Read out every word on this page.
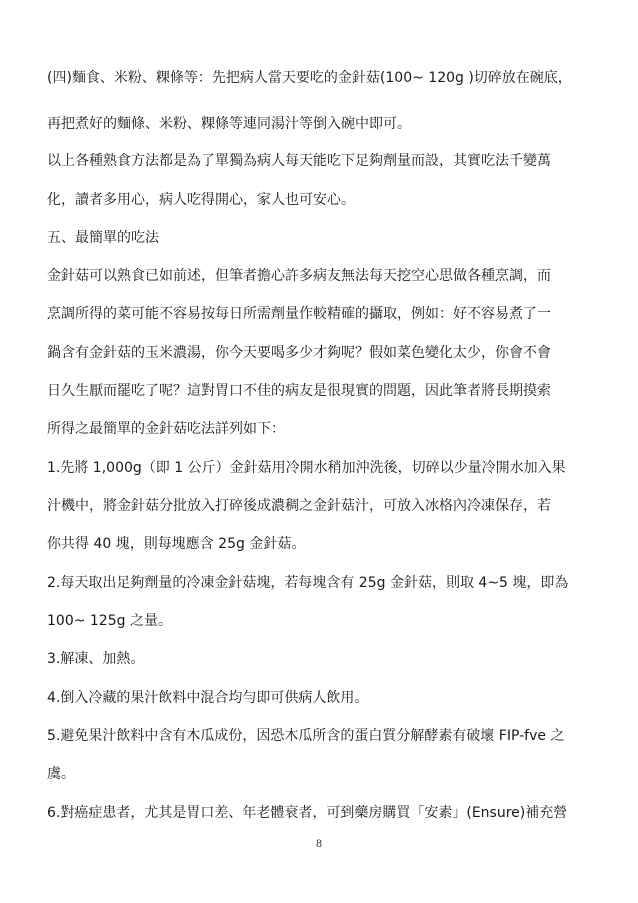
(四)麵食、米粉、粿條等：先把病人當天要吃的金針菇(100~ 120g )切碎放在碗底，
再把煮好的麵條、米粉、粿條等連同湯汁等倒入碗中即可。
以上各種熟食方法都是為了單獨為病人每天能吃下足夠劑量而設，其實吃法千變萬
化，讀者多用心，病人吃得開心，家人也可安心。
五、最簡單的吃法
金針菇可以熟食已如前述，但筆者擔心許多病友無法每天挖空心思做各種烹調，而
烹調所得的菜可能不容易按每日所需劑量作較精確的攝取，例如：好不容易煮了一
鍋含有金針菇的玉米濃湯，你今天要喝多少才夠呢？假如菜色變化太少，你會不會
日久生厭而罷吃了呢？這對胃口不佳的病友是很現實的問題，因此筆者將長期摸索
所得之最簡單的金針菇吃法詳列如下：
1.先將 1,000g（即 1 公斤）金針菇用冷開水稍加沖洗後，切碎以少量冷開水加入果
汁機中，將金針菇分批放入打碎後成濃稠之金針菇汁，可放入冰格內冷凍保存，若
你共得 40 塊，則每塊應含 25g 金針菇。
2.每天取出足夠劑量的冷凍金針菇塊，若每塊含有 25g 金針菇，則取 4~5 塊，即為
100~ 125g 之量。
3.解凍、加熱。
4.倒入冷藏的果汁飲料中混合均勻即可供病人飲用。
5.避免果汁飲料中含有木瓜成份，因恐木瓜所含的蛋白質分解酵素有破壞 FIP-fve 之
虞。
6.對癌症患者，尤其是胃口差、年老體衰者，可到藥房購買「安素」(Ensure)補充營
8
